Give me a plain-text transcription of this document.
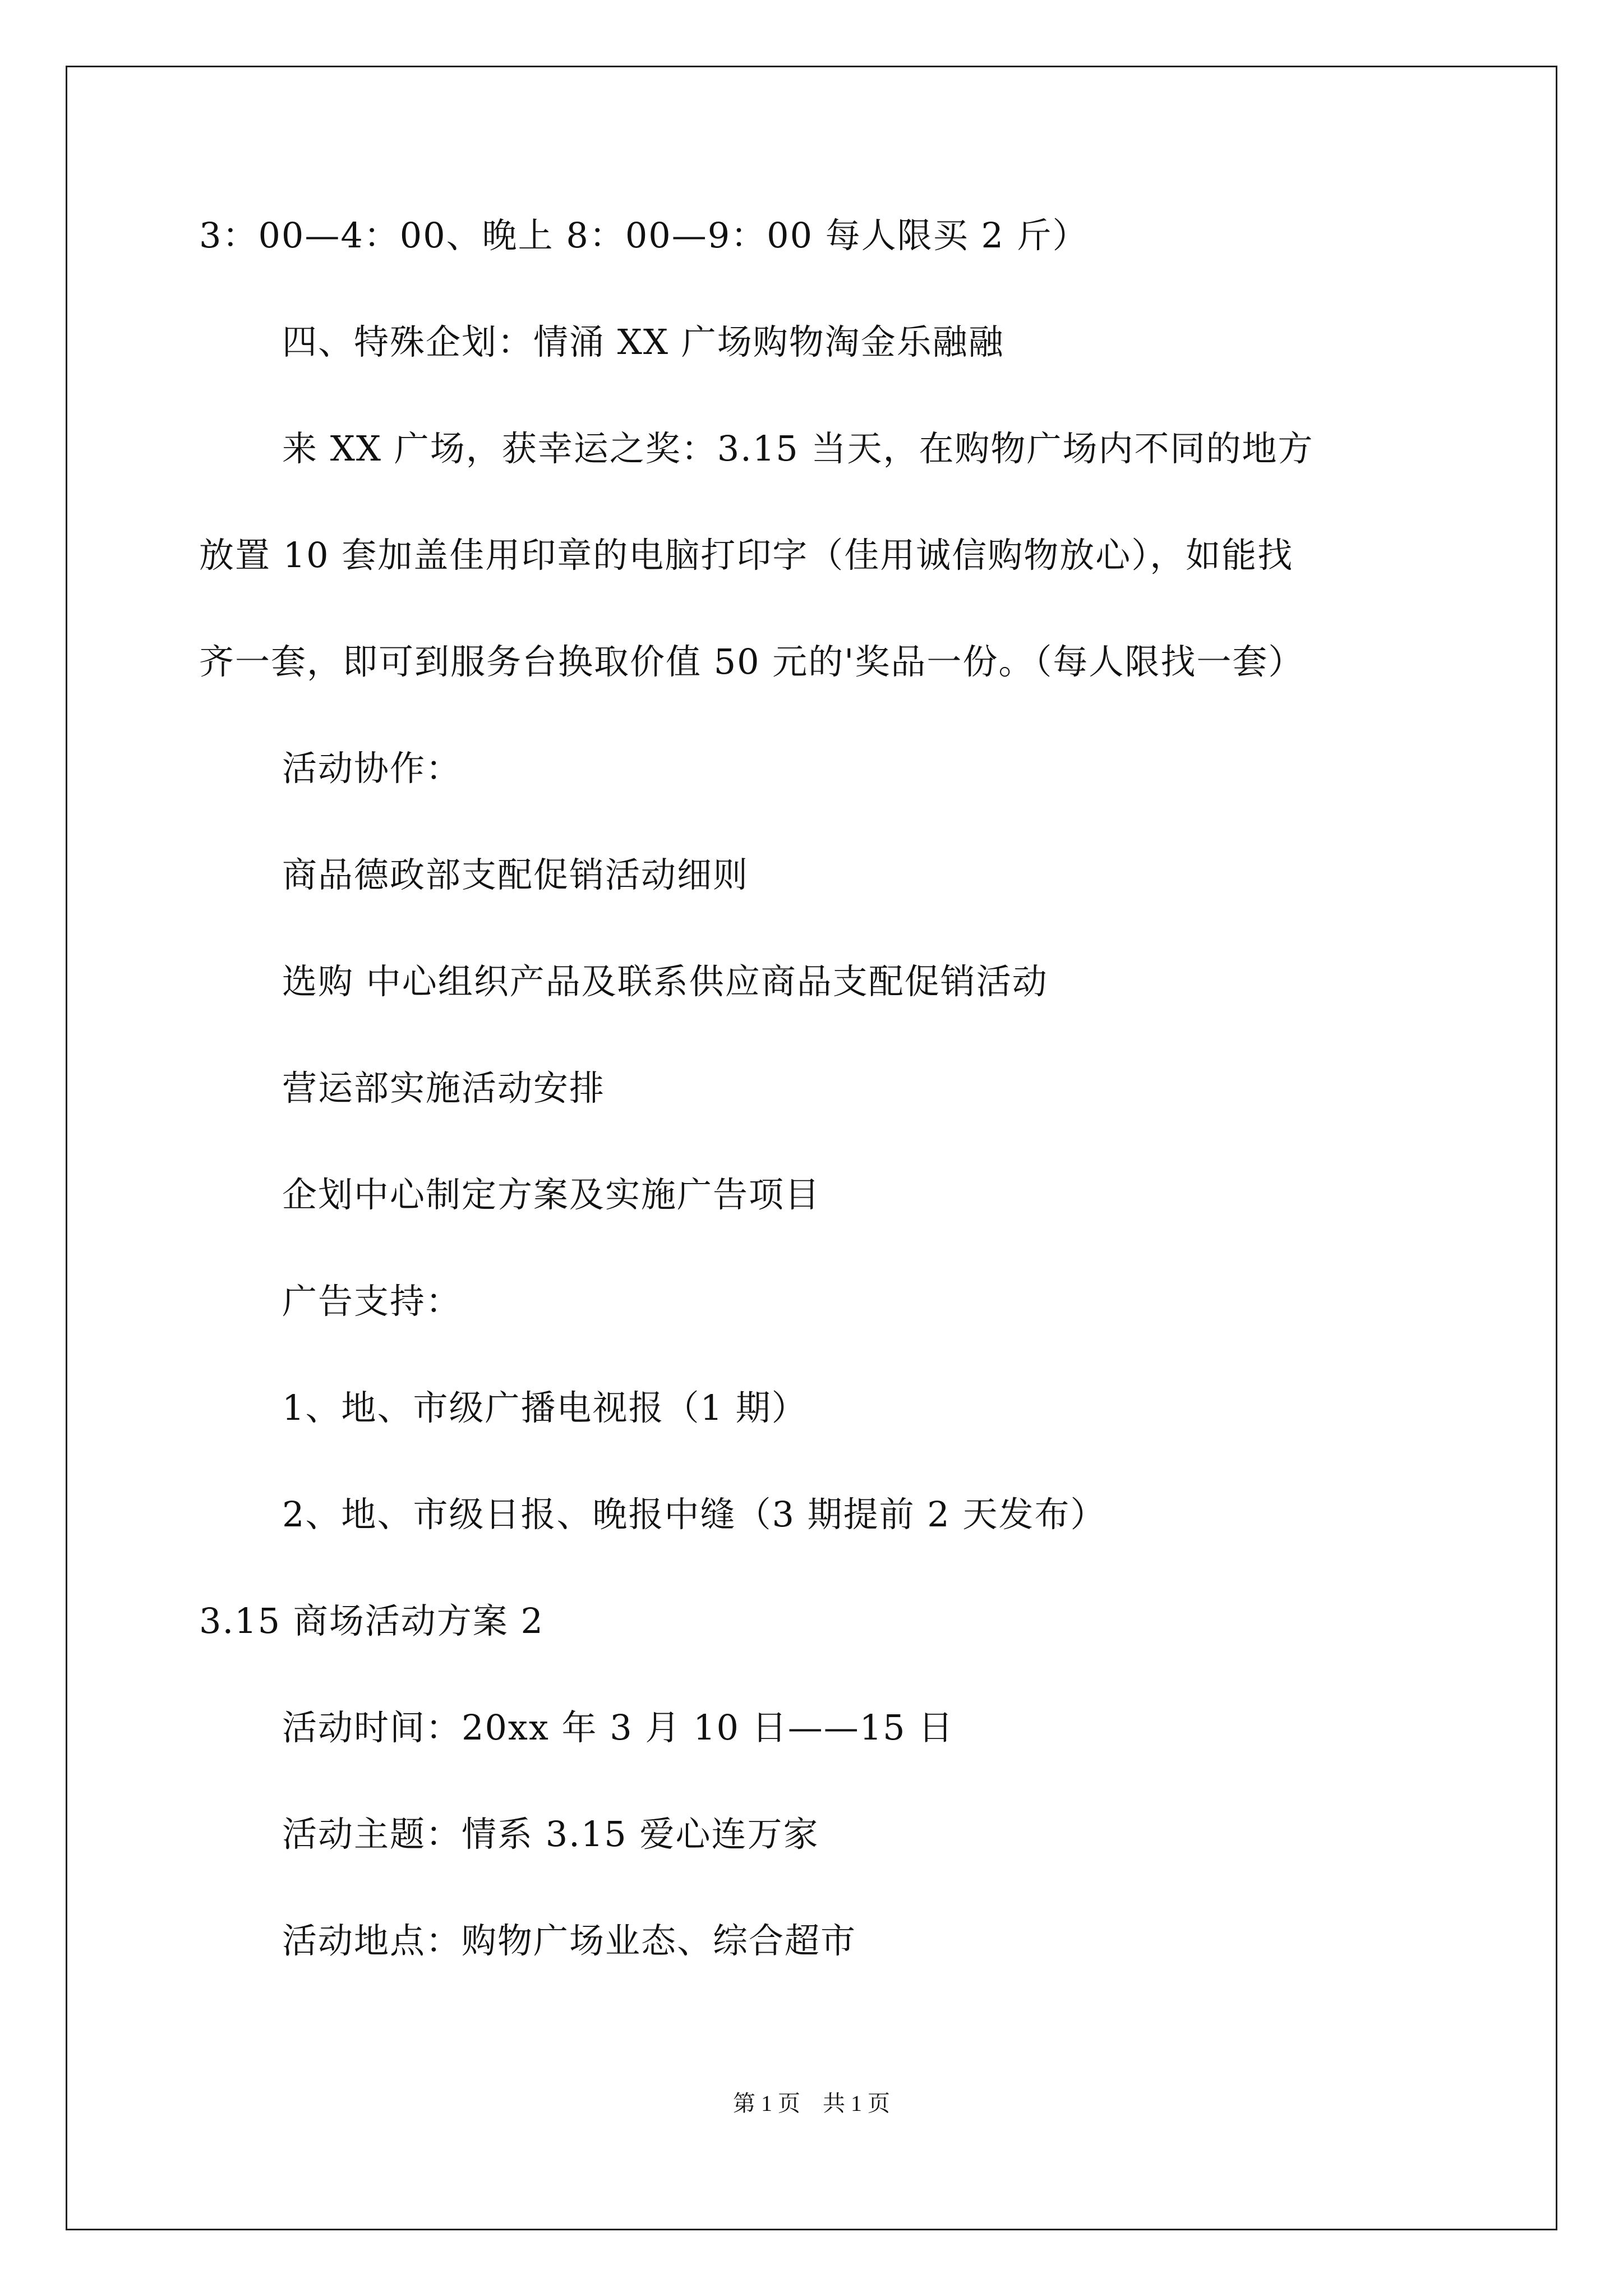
3：00—4：00、晚上 8：00—9：00 每人限买 2 斤）
四、特殊企划：情涌 XX 广场购物淘金乐融融
来 XX 广场，获幸运之奖：3.15 当天，在购物广场内不同的地方
放置 10 套加盖佳用印章的电脑打印字（佳用诚信购物放心），如能找
齐一套，即可到服务台换取价值 50 元的'奖品一份。（每人限找一套）
活动协作：
商品德政部支配促销活动细则
选购 中心组织产品及联系供应商品支配促销活动
营运部实施活动安排
企划中心制定方案及实施广告项目
广告支持：
1、地、市级广播电视报（1 期）
2、地、市级日报、晚报中缝（3 期提前 2 天发布）
3.15 商场活动方案 2
活动时间：20xx 年 3 月 10 日——15 日
活动主题：情系 3.15 爱心连万家
活动地点：购物广场业态、综合超市
第 1 页　共 1 页
